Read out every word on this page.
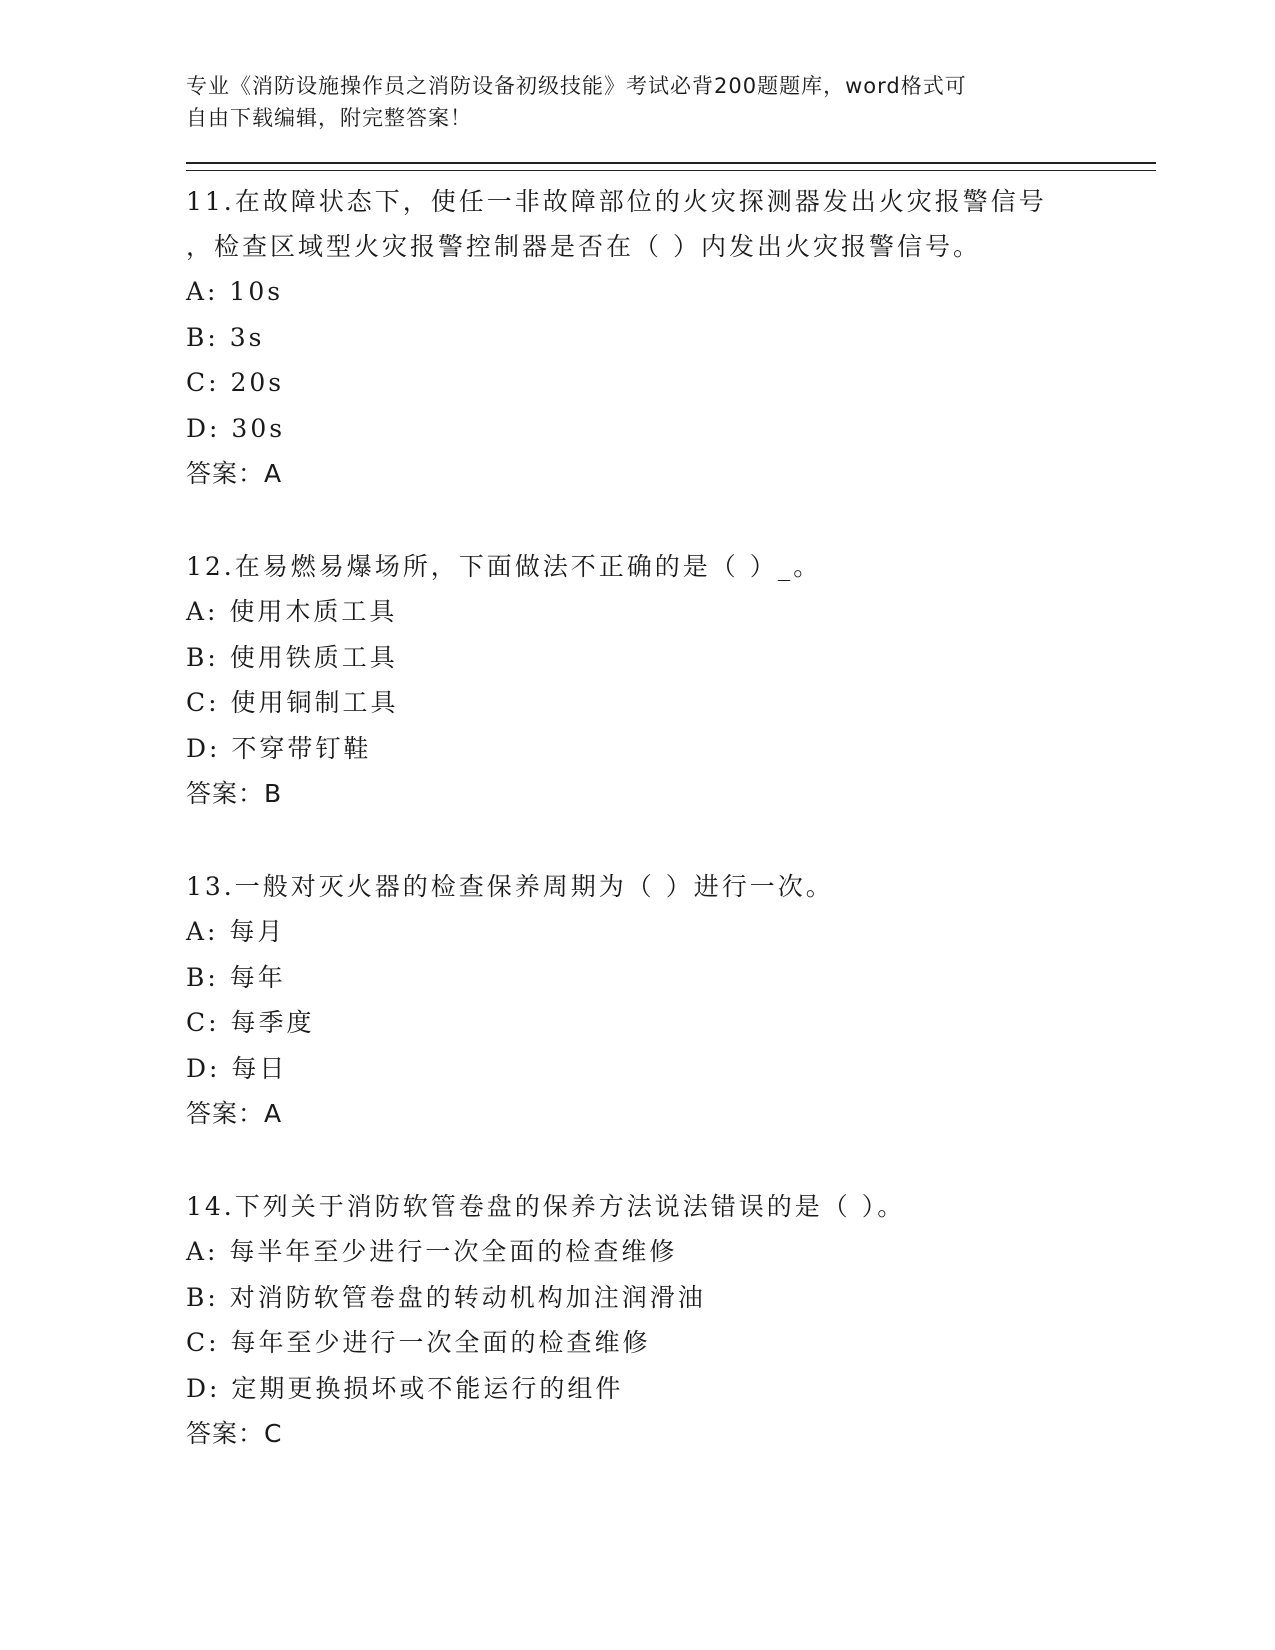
专业《消防设施操作员之消防设备初级技能》考试必背200题题库，word格式可
自由下载编辑，附完整答案！

11.在故障状态下，使任一非故障部位的火灾探测器发出火灾报警信号

，检查区域型火灾报警控制器是否在（ ）内发出火灾报警信号。

A: 10s

B: 3s

C: 20s

D: 30s

答案：A

12.在易燃易爆场所，下面做法不正确的是（ ）_。

A: 使用木质工具

B: 使用铁质工具

C: 使用铜制工具

D: 不穿带钉鞋

答案：B

13.一般对灭火器的检查保养周期为（ ）进行一次。

A: 每月

B: 每年

C: 每季度

D: 每日

答案：A

14.下列关于消防软管卷盘的保养方法说法错误的是（ ）。

A: 每半年至少进行一次全面的检查维修

B: 对消防软管卷盘的转动机构加注润滑油

C: 每年至少进行一次全面的检查维修

D: 定期更换损坏或不能运行的组件

答案：C
